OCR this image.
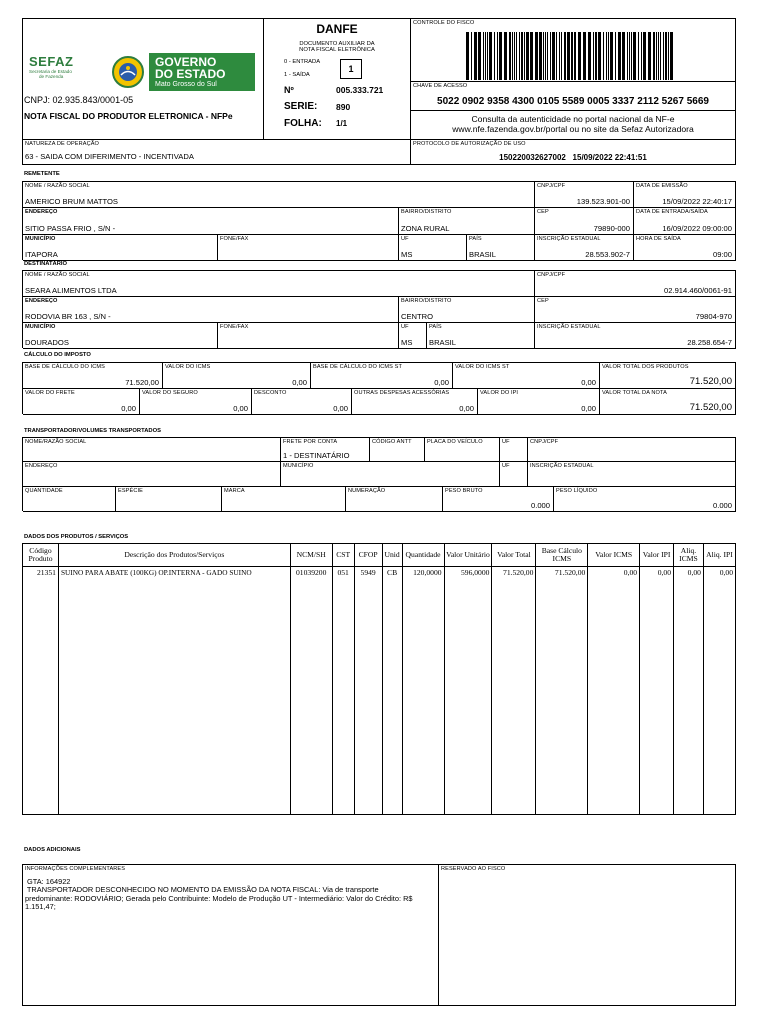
SEFAZ
Secretaria de Estado
de Fazenda
GOVERNO
DO ESTADO
Mato Grosso do Sul
CNPJ: 02.935.843/0001-05
NOTA FISCAL DO PRODUTOR ELETRONICA - NFPe
DANFE
DOCUMENTO AUXILIAR DA
NOTA FISCAL ELETRÔNICA
0 - ENTRADA
1 - SAÍDA
1
Nº	005.333.721
SERIE: 890
FOLHA: 1/1
CONTROLE DO FISCO
CHAVE DE ACESSO
5022 0902 9358 4300 0105 5589 0005 3337 2112 5267 5669
Consulta da autenticidade no portal nacional da NF-e
www.nfe.fazenda.gov.br/portal ou no site da Sefaz Autorizadora
NATUREZA DE OPERAÇÃO
63 - SAIDA COM DIFERIMENTO - INCENTIVADA
PROTOCOLO DE AUTORIZAÇÃO DE USO
150220032627002   15/09/2022 22:41:51
REMETENTE
NOME / RAZÃO SOCIAL
AMERICO BRUM MATTOS
CNPJ/CPF
139.523.901-00
DATA DE EMISSÃO
15/09/2022 22:40:17
ENDEREÇO
SITIO PASSA FRIO , S/N -
BAIRRO/DISTRITO
ZONA RURAL
CEP
79890-000
DATA DE ENTRADA/SAÍDA
16/09/2022 09:00:00
MUNICÍPIO
ITAPORA
FONE/FAX	UF
MS
PAÍS
BRASIL
INSCRIÇÃO ESTADUAL
28.553.902-7
HORA DE SAÍDA
09:00
DESTINATÁRIO
NOME / RAZÃO SOCIAL
SEARA ALIMENTOS LTDA
CNPJ/CPF
02.914.460/0061-91
ENDEREÇO
RODOVIA BR 163 , S/N -
BAIRRO/DISTRITO
CENTRO
CEP
79804-970
MUNICÍPIO
DOURADOS
FONE/FAX	UF
MS
PAÍS
BRASIL
INSCRIÇÃO ESTADUAL
28.258.654-7
CÁLCULO DO IMPOSTO
BASE DE CÁLCULO DO ICMS
71.520,00
VALOR DO ICMS
0,00
BASE DE CÁLCULO DO ICMS ST
0,00
VALOR DO ICMS ST
0,00
VALOR TOTAL DOS PRODUTOS
71.520,00
VALOR DO FRETE
0,00
VALOR DO SEGURO
0,00
DESCONTO
0,00
OUTRAS DESPESAS ACESSÓRIAS
0,00
VALOR DO IPI
0,00
VALOR TOTAL DA NOTA
71.520,00
TRANSPORTADOR/VOLUMES TRANSPORTADOS
NOME/RAZÃO SOCIAL	FRETE POR CONTA
1 - DESTINATÁRIO
CÓDIGO ANTT	PLACA DO VEÍCULO	UF	CNPJ/CPF
ENDEREÇO	MUNICÍPIO	UF	INSCRIÇÃO ESTADUAL
QUANTIDADE	ESPÉCIE	MARCA	NUMERAÇÃO	PESO BRUTO
0.000
PESO LÍQUIDO
0.000
DADOS DOS PRODUTOS / SERVIÇOS
Código Produto	Descrição dos Produtos/Serviços	NCM/SH	CST	CFOP	Unid	Quantidade	Valor Unitário	Valor Total	Base Cálculo ICMS	Valor ICMS	Valor IPI	Aliq. ICMS	Aliq. IPI
21351	SUINO PARA ABATE (100KG) OP.INTERNA - GADO SUINO	01039200	051	5949	CB	120,0000	596,0000	71.520,00	71.520,00	0,00	0,00	0,00	0,00

DADOS ADICIONAIS
INFORMAÇÕES COMPLEMENTARES
GTA: 164922
TRANSPORTADOR DESCONHECIDO NO MOMENTO DA EMISSÃO DA NOTA FISCAL: Via de transporte
predominante: RODOVIÁRIO; Gerada pelo Contribuinte: Modelo de Produção UT - Intermediário: Valor do Crédito: R$
1.151,47;
RESERVADO AO FISCO
